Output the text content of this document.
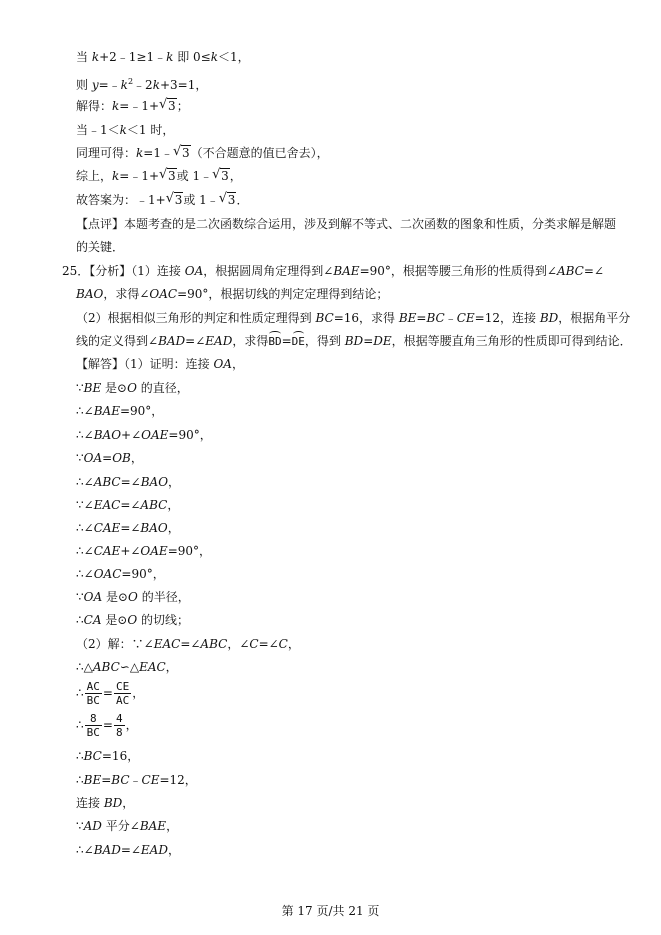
当 k+2﹣1≥1﹣k 即 0≤k＜1，
则 $y=﹣k^2﹣2k+3=1$，
解得：k=﹣1+ √ 3；
当﹣1＜k＜1 时，
同理可得：k=1﹣ √ 3（不合题意的值已舍去），
综上，k=﹣1+ √ 3或 1﹣ √ 3，
故答案为：﹣1+ √ 3或 1﹣ √ 3．
【点评】本题考查的是二次函数综合运用，涉及到解不等式、二次函数的图象和性质，分类求解是解题
的关键．
25．【分析】（1）连接 OA，根据圆周角定理得到∠BAE=90°，根据等腰三角形的性质得到∠ABC=∠
BAO，求得∠OAC=90°，根据切线的判定定理得到结论；
（2）根据相似三角形的判定和性质定理得到 BC=16，求得 BE=BC﹣CE=12，连接 BD，根据角平分
线的定义得到∠BAD=∠EAD，求得BD=DE，得到 BD=DE，根据等腰直角三角形的性质即可得到结论．
【解答】（1）证明：连接 OA，
∵BE 是⊙O 的直径，
∴∠BAE=90°，
∴∠BAO+∠OAE=90°，
∵OA=OB，
∴∠ABC=∠BAO，
∵∠EAC=∠ABC，
∴∠CAE=∠BAO，
∴∠CAE+∠OAE=90°，
∴∠OAC=90°，
∵OA 是⊙O 的半径，
∴CA 是⊙O 的切线；
（2）解：∵∠EAC=∠ABC，∠C=∠C，
∴△ABC∽△EAC，
∴ $\frac{AC}{BC} = \frac{CE}{AC}$ ，
∴ $\frac{8}{BC} = \frac{4}{8}$ ，
∴BC=16，
∴BE=BC﹣CE=12，
连接 BD，
∵AD 平分∠BAE，
∴∠BAD=∠EAD，
第 17 页/共 21 页
